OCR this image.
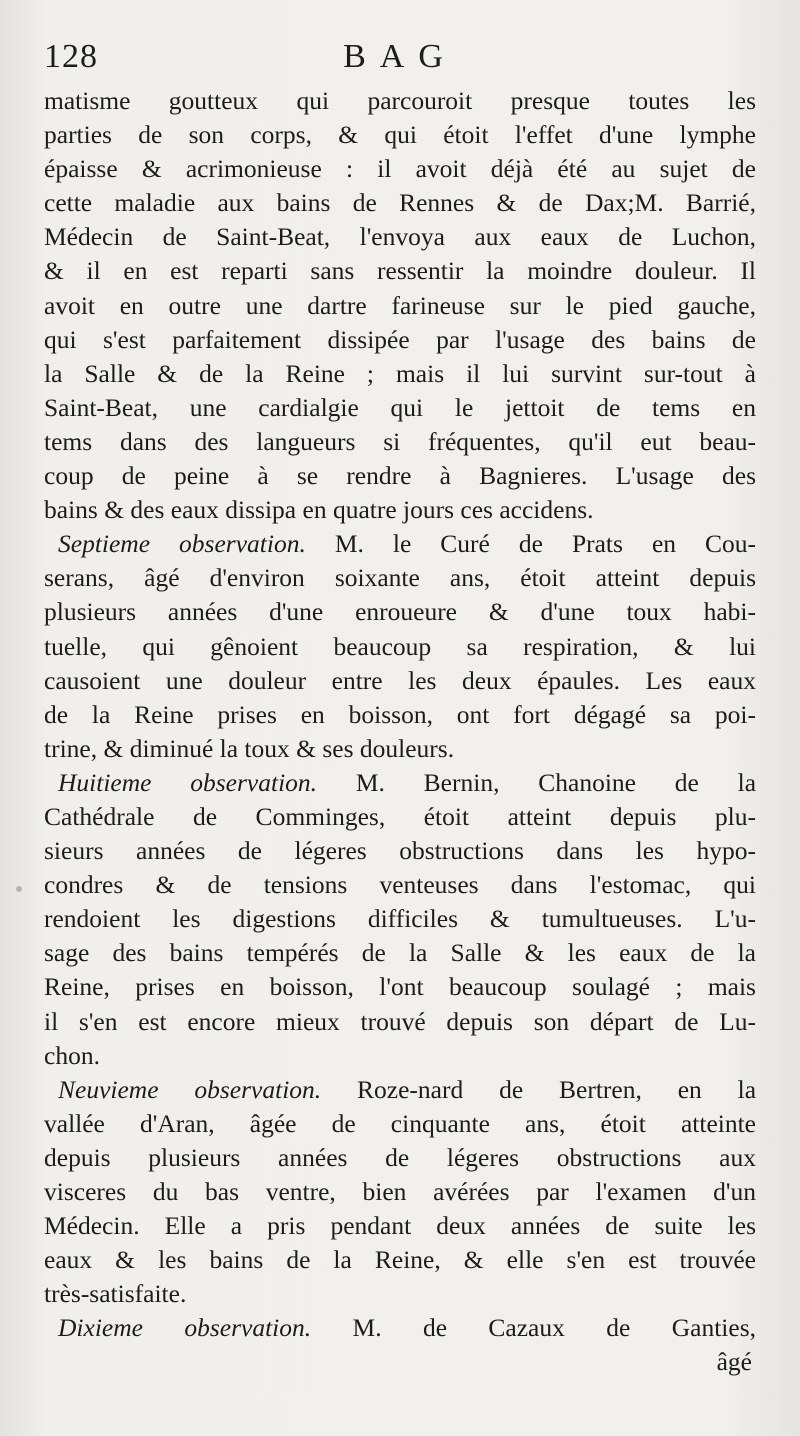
128	BAG
matisme goutteux qui parcouroit presque toutes les
parties de son corps, & qui étoit l'effet d'une lymphe
épaisse & acrimonieuse : il avoit déjà été au sujet de
cette maladie aux bains de Rennes & de Dax;M. Barrié,
Médecin de Saint-Beat, l'envoya aux eaux de Luchon,
& il en est reparti sans ressentir la moindre douleur. Il
avoit en outre une dartre farineuse sur le pied gauche,
qui s'est parfaitement dissipée par l'usage des bains de
la Salle & de la Reine ; mais il lui survint sur-tout à
Saint-Beat, une cardialgie qui le jettoit de tems en
tems dans des langueurs si fréquentes, qu'il eut beau-
coup de peine à se rendre à Bagnieres. L'usage des
bains & des eaux dissipa en quatre jours ces accidens.
Septieme observation. M. le Curé de Prats en Cou-
serans, âgé d'environ soixante ans, étoit atteint depuis
plusieurs années d'une enroueure & d'une toux habi-
tuelle, qui gênoient beaucoup sa respiration, & lui
causoient une douleur entre les deux épaules. Les eaux
de la Reine prises en boisson, ont fort dégagé sa poi-
trine, & diminué la toux & ses douleurs.
Huitieme observation. M. Bernin, Chanoine de la
Cathédrale de Comminges, étoit atteint depuis plu-
sieurs années de légeres obstructions dans les hypo-
condres & de tensions venteuses dans l'estomac, qui
rendoient les digestions difficiles & tumultueuses. L'u-
sage des bains tempérés de la Salle & les eaux de la
Reine, prises en boisson, l'ont beaucoup soulagé ; mais
il s'en est encore mieux trouvé depuis son départ de Lu-
chon.
Neuvieme observation. Roze-nard de Bertren, en la
vallée d'Aran, âgée de cinquante ans, étoit atteinte
depuis plusieurs années de légeres obstructions aux
visceres du bas ventre, bien avérées par l'examen d'un
Médecin. Elle a pris pendant deux années de suite les
eaux & les bains de la Reine, & elle s'en est trouvée
très-satisfaite.
Dixieme observation. M. de Cazaux de Ganties,
âgé
